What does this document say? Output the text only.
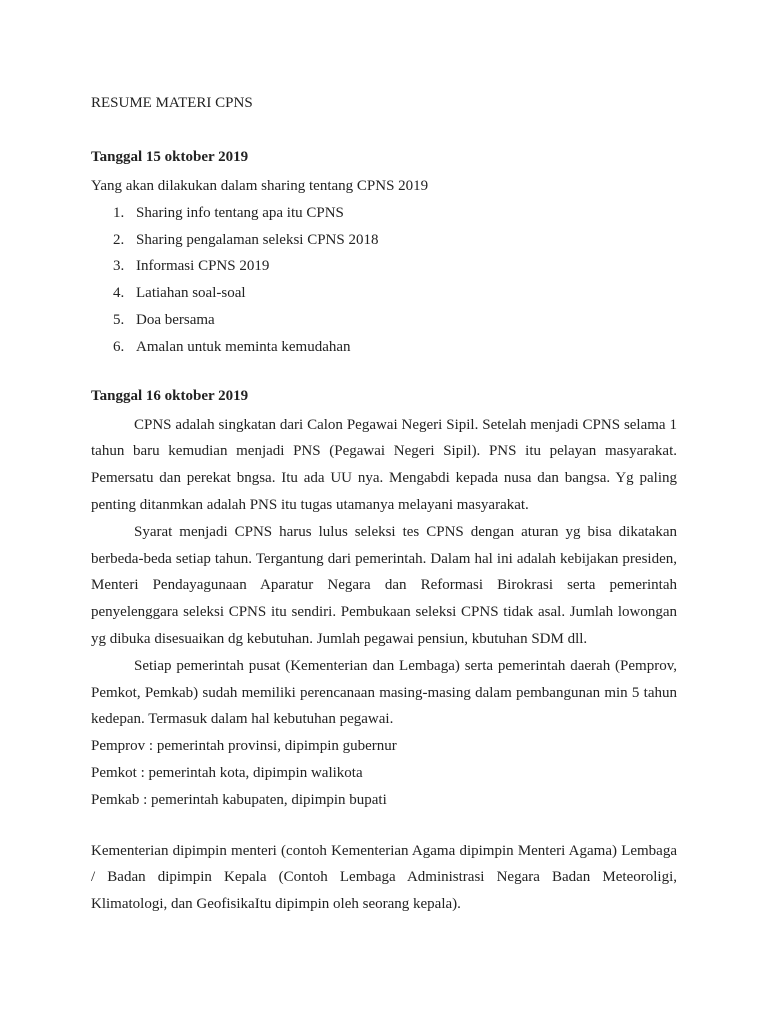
RESUME MATERI CPNS

Tanggal 15 oktober 2019

Yang akan dilakukan dalam sharing tentang CPNS 2019

1. Sharing info tentang apa itu CPNS
2. Sharing pengalaman seleksi CPNS 2018
3. Informasi CPNS 2019
4. Latiahan soal-soal
5. Doa bersama
6. Amalan untuk meminta kemudahan

Tanggal 16 oktober 2019

CPNS adalah singkatan dari Calon Pegawai Negeri Sipil. Setelah menjadi CPNS selama 1 tahun baru kemudian menjadi PNS (Pegawai Negeri Sipil). PNS itu pelayan masyarakat. Pemersatu dan perekat bngsa. Itu ada UU nya. Mengabdi kepada nusa dan bangsa. Yg paling penting ditanmkan adalah PNS itu tugas utamanya melayani masyarakat.

Syarat menjadi CPNS harus lulus seleksi tes CPNS dengan aturan yg bisa dikatakan berbeda-beda setiap tahun. Tergantung dari pemerintah. Dalam hal ini adalah kebijakan presiden, Menteri Pendayagunaan Aparatur Negara dan Reformasi Birokrasi serta pemerintah penyelenggara seleksi CPNS itu sendiri. Pembukaan seleksi CPNS tidak asal. Jumlah lowongan yg dibuka disesuaikan dg kebutuhan. Jumlah pegawai pensiun, kbutuhan SDM dll.

Setiap pemerintah pusat (Kementerian dan Lembaga) serta pemerintah daerah (Pemprov, Pemkot, Pemkab) sudah memiliki perencanaan masing-masing dalam pembangunan min 5 tahun kedepan. Termasuk dalam hal kebutuhan pegawai.

Pemprov : pemerintah provinsi, dipimpin gubernur

Pemkot : pemerintah kota, dipimpin walikota

Pemkab : pemerintah kabupaten, dipimpin bupati

Kementerian dipimpin menteri (contoh Kementerian Agama dipimpin Menteri Agama) Lembaga / Badan dipimpin Kepala (Contoh Lembaga Administrasi Negara Badan Meteoroligi, Klimatologi, dan GeofisikaItu dipimpin oleh seorang kepala).
